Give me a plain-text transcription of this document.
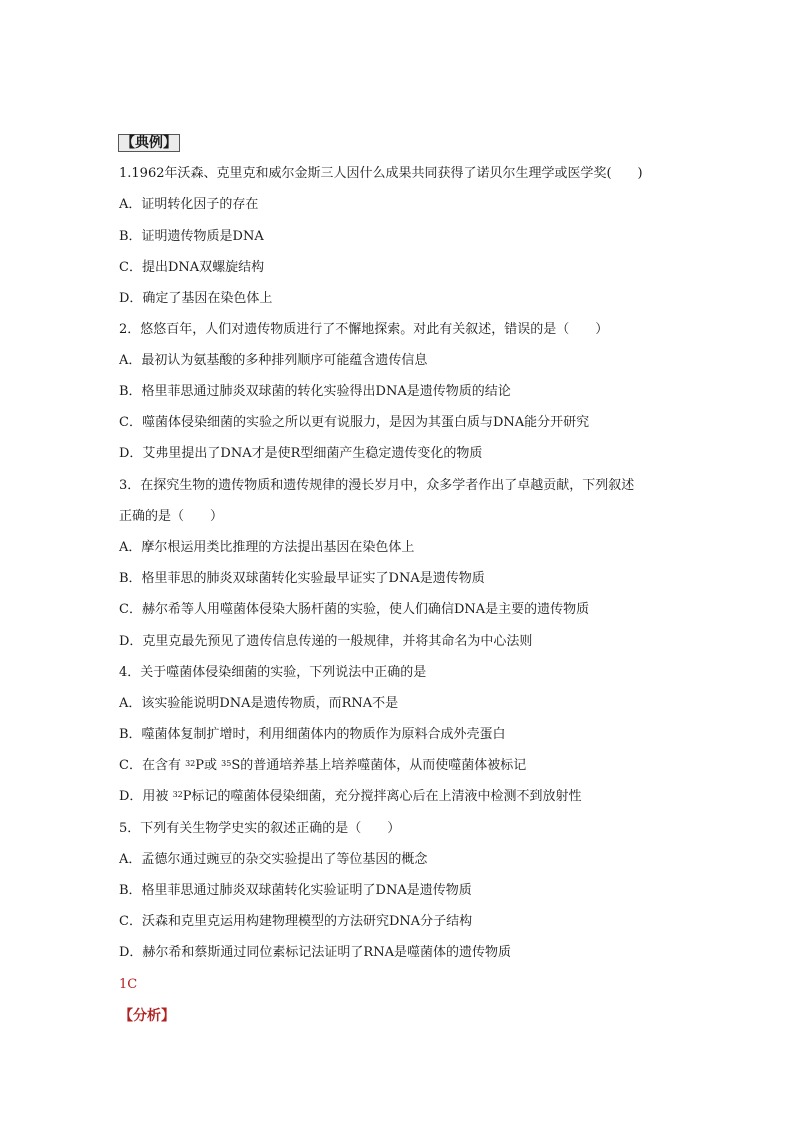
【典例】
1.1962年沃森、克里克和威尔金斯三人因什么成果共同获得了诺贝尔生理学或医学奖(　　)
A．证明转化因子的存在
B．证明遗传物质是DNA
C．提出DNA双螺旋结构
D．确定了基因在染色体上
2．悠悠百年，人们对遗传物质进行了不懈地探索。对此有关叙述，错误的是（　　）
A．最初认为氨基酸的多种排列顺序可能蕴含遗传信息
B．格里菲思通过肺炎双球菌的转化实验得出DNA是遗传物质的结论
C．噬菌体侵染细菌的实验之所以更有说服力，是因为其蛋白质与DNA能分开研究
D．艾弗里提出了DNA才是使R型细菌产生稳定遗传变化的物质
3．在探究生物的遗传物质和遗传规律的漫长岁月中，众多学者作出了卓越贡献，下列叙述
正确的是（　　）
A．摩尔根运用类比推理的方法提出基因在染色体上
B．格里菲思的肺炎双球菌转化实验最早证实了DNA是遗传物质
C．赫尔希等人用噬菌体侵染大肠杆菌的实验，使人们确信DNA是主要的遗传物质
D．克里克最先预见了遗传信息传递的一般规律，并将其命名为中心法则
4．关于噬菌体侵染细菌的实验，下列说法中正确的是
A．该实验能说明DNA是遗传物质，而RNA不是
B．噬菌体复制扩增时，利用细菌体内的物质作为原料合成外壳蛋白
C．在含有 $^{32}$P或 $^{35}$S的普通培养基上培养噬菌体，从而使噬菌体被标记
D．用被 $^{32}$P标记的噬菌体侵染细菌，充分搅拌离心后在上清液中检测不到放射性
5．下列有关生物学史实的叙述正确的是（　　）
A．孟德尔通过豌豆的杂交实验提出了等位基因的概念
B．格里菲思通过肺炎双球菌转化实验证明了DNA是遗传物质
C．沃森和克里克运用构建物理模型的方法研究DNA分子结构
D．赫尔希和蔡斯通过同位素标记法证明了RNA是噬菌体的遗传物质
1C
【分析】
